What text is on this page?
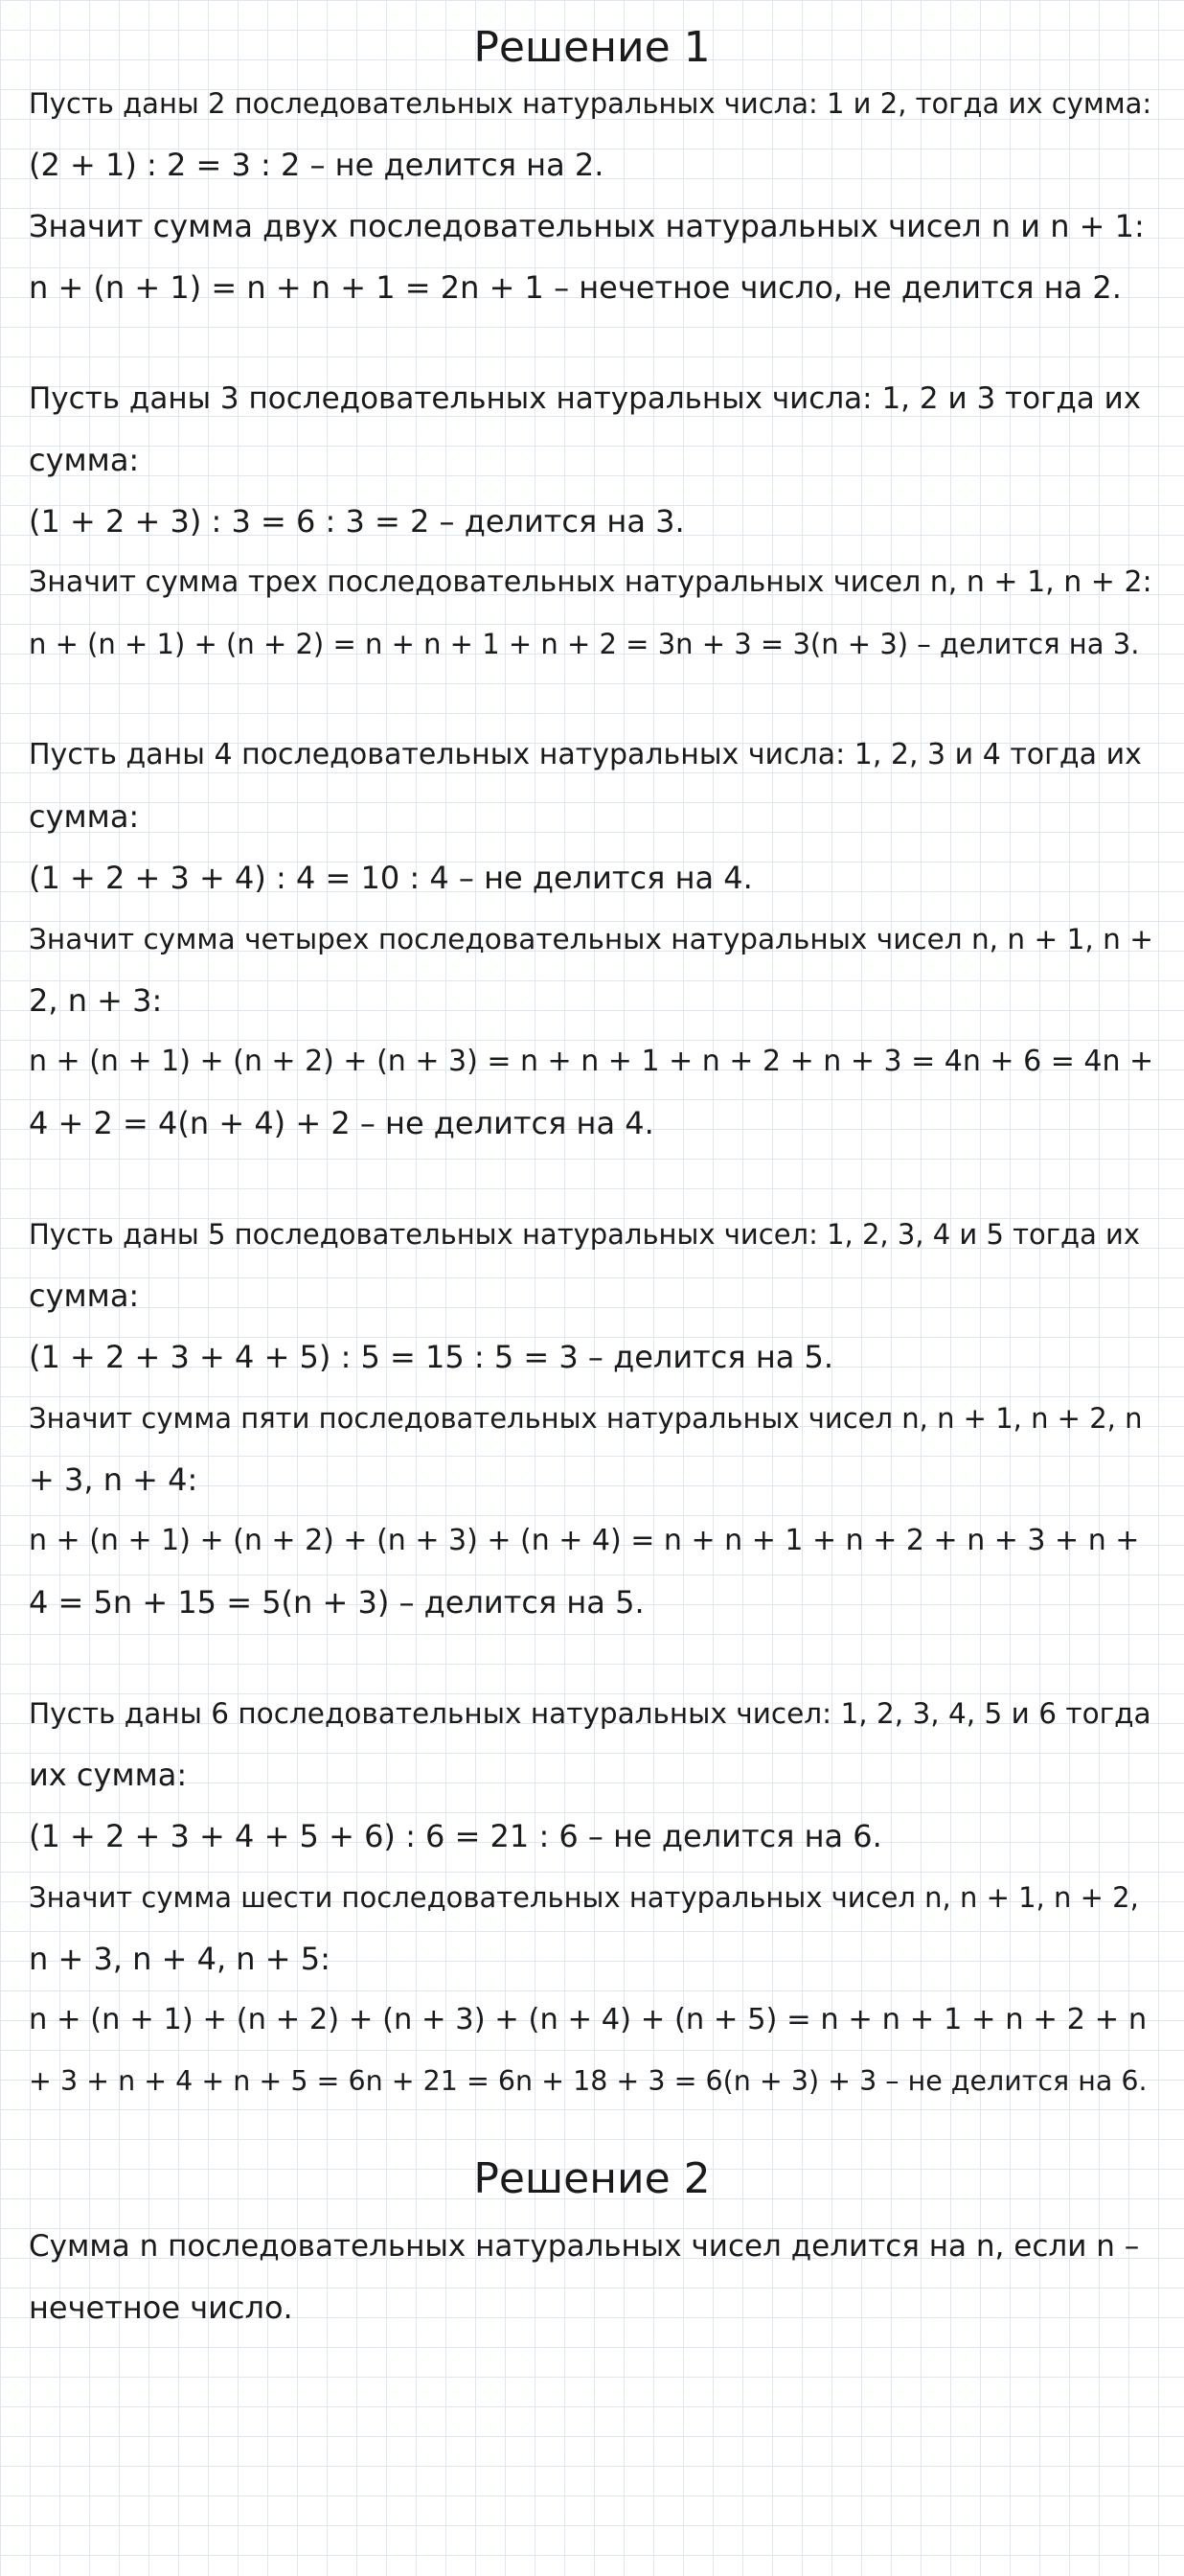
Решение 1
Пусть даны 2 последовательных натуральных числа: 1 и 2, тогда их сумма:
(2 + 1) : 2 = 3 : 2 – не делится на 2.
Значит сумма двух последовательных натуральных чисел n и n + 1:
n + (n + 1) = n + n + 1 = 2n + 1 – нечетное число, не делится на 2.
Пусть даны 3 последовательных натуральных числа: 1, 2 и 3 тогда их
сумма:
(1 + 2 + 3) : 3 = 6 : 3 = 2 – делится на 3.
Значит сумма трех последовательных натуральных чисел n, n + 1, n + 2:
n + (n + 1) + (n + 2) = n + n + 1 + n + 2 = 3n + 3 = 3(n + 3) – делится на 3.
Пусть даны 4 последовательных натуральных числа: 1, 2, 3 и 4 тогда их
сумма:
(1 + 2 + 3 + 4) : 4 = 10 : 4 – не делится на 4.
Значит сумма четырех последовательных натуральных чисел n, n + 1, n +
2, n + 3:
n + (n + 1) + (n + 2) + (n + 3) = n + n + 1 + n + 2 + n + 3 = 4n + 6 = 4n +
4 + 2 = 4(n + 4) + 2 – не делится на 4.
Пусть даны 5 последовательных натуральных чисел: 1, 2, 3, 4 и 5 тогда их
сумма:
(1 + 2 + 3 + 4 + 5) : 5 = 15 : 5 = 3 – делится на 5.
Значит сумма пяти последовательных натуральных чисел n, n + 1, n + 2, n
+ 3, n + 4:
n + (n + 1) + (n + 2) + (n + 3) + (n + 4) = n + n + 1 + n + 2 + n + 3 + n +
4 = 5n + 15 = 5(n + 3) – делится на 5.
Пусть даны 6 последовательных натуральных чисел: 1, 2, 3, 4, 5 и 6 тогда
их сумма:
(1 + 2 + 3 + 4 + 5 + 6) : 6 = 21 : 6 – не делится на 6.
Значит сумма шести последовательных натуральных чисел n, n + 1, n + 2,
n + 3, n + 4, n + 5:
n + (n + 1) + (n + 2) + (n + 3) + (n + 4) + (n + 5) = n + n + 1 + n + 2 + n
+ 3 + n + 4 + n + 5 = 6n + 21 = 6n + 18 + 3 = 6(n + 3) + 3 – не делится на 6.
Решение 2
Сумма n последовательных натуральных чисел делится на n, если n –
нечетное число.
